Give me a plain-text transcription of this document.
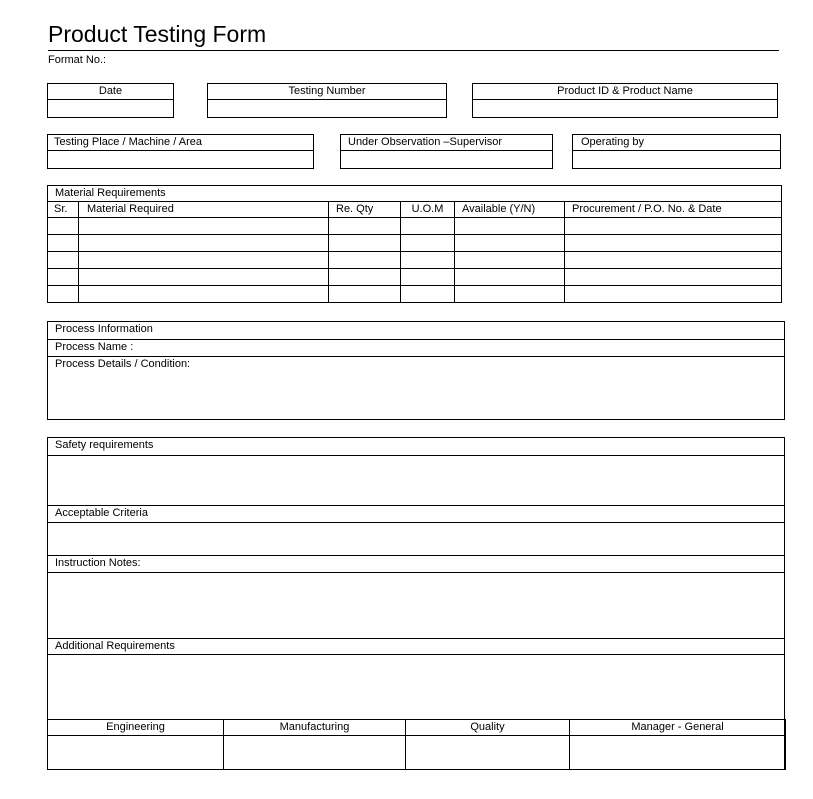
Product Testing Form
Format No.:
Date	Testing Number	Product ID & Product Name
Testing Place / Machine / Area	Under Observation –Supervisor	Operating by
Material Requirements					
Sr.	Material Required	Re. Qty	U.O.M	Available (Y/N)	Procurement / P.O. No. & Date

Process Information
Process Name :
Process Details / Condition:
Safety requirements
Acceptable Criteria
Instruction Notes:
Additional Requirements
Engineering	Manufacturing	Quality	Manager - General
